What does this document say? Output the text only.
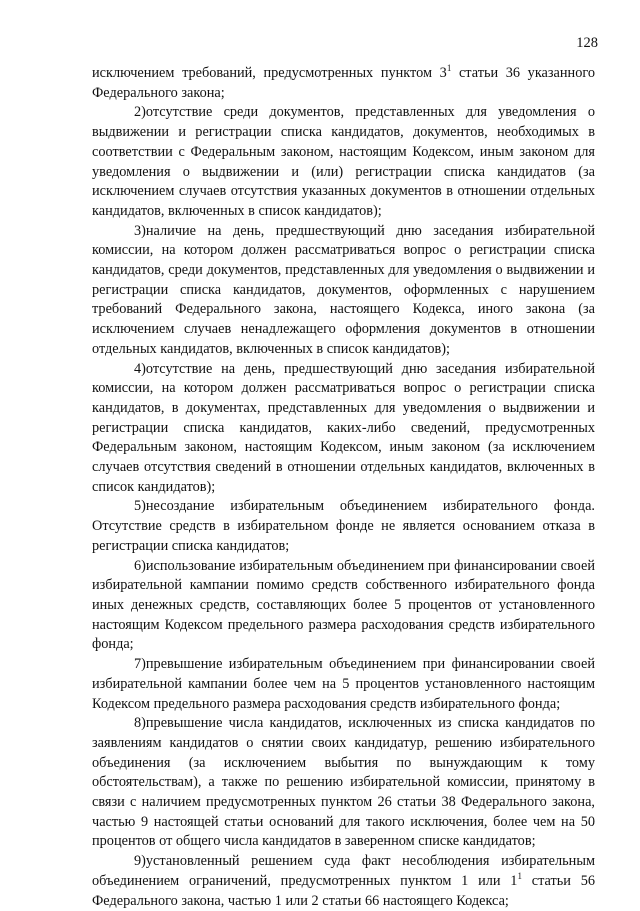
128

исключением требований, предусмотренных пунктом $3^1$ статьи 36 указанного Федерального закона;

2)отсутствие среди документов, представленных для уведомления о выдвижении и регистрации списка кандидатов, документов, необходимых в соответствии с Федеральным законом, настоящим Кодексом, иным законом для уведомления о выдвижении и (или) регистрации списка кандидатов (за исключением случаев отсутствия указанных документов в отношении отдельных кандидатов, включенных в список кандидатов);

3)наличие на день, предшествующий дню заседания избирательной комиссии, на котором должен рассматриваться вопрос о регистрации списка кандидатов, среди документов, представленных для уведомления о выдвижении и регистрации списка кандидатов, документов, оформленных с нарушением требований Федерального закона, настоящего Кодекса, иного закона (за исключением случаев ненадлежащего оформления документов в отношении отдельных кандидатов, включенных в список кандидатов);

4)отсутствие на день, предшествующий дню заседания избирательной комиссии, на котором должен рассматриваться вопрос о регистрации списка кандидатов, в документах, представленных для уведомления о выдвижении и регистрации списка кандидатов, каких-либо сведений, предусмотренных Федеральным законом, настоящим Кодексом, иным законом (за исключением случаев отсутствия сведений в отношении отдельных кандидатов, включенных в список кандидатов);

5)несоздание избирательным объединением избирательного фонда. Отсутствие средств в избирательном фонде не является основанием отказа в регистрации списка кандидатов;

6)использование избирательным объединением при финансировании своей избирательной кампании помимо средств собственного избирательного фонда иных денежных средств, составляющих более 5 процентов от установленного настоящим Кодексом предельного размера расходования средств избирательного фонда;

7)превышение избирательным объединением при финансировании своей избирательной кампании более чем на 5 процентов установленного настоящим Кодексом предельного размера расходования средств избирательного фонда;

8)превышение числа кандидатов, исключенных из списка кандидатов по заявлениям кандидатов о снятии своих кандидатур, решению избирательного объединения (за исключением выбытия по вынуждающим к тому обстоятельствам), а также по решению избирательной комиссии, принятому в связи с наличием предусмотренных пунктом 26 статьи 38 Федерального закона, частью 9 настоящей статьи оснований для такого исключения, более чем на 50 процентов от общего числа кандидатов в заверенном списке кандидатов;

9)установленный решением суда факт несоблюдения избирательным объединением ограничений, предусмотренных пунктом 1 или $1^1$ статьи 56 Федерального закона, частью 1 или 2 статьи 66 настоящего Кодекса;
